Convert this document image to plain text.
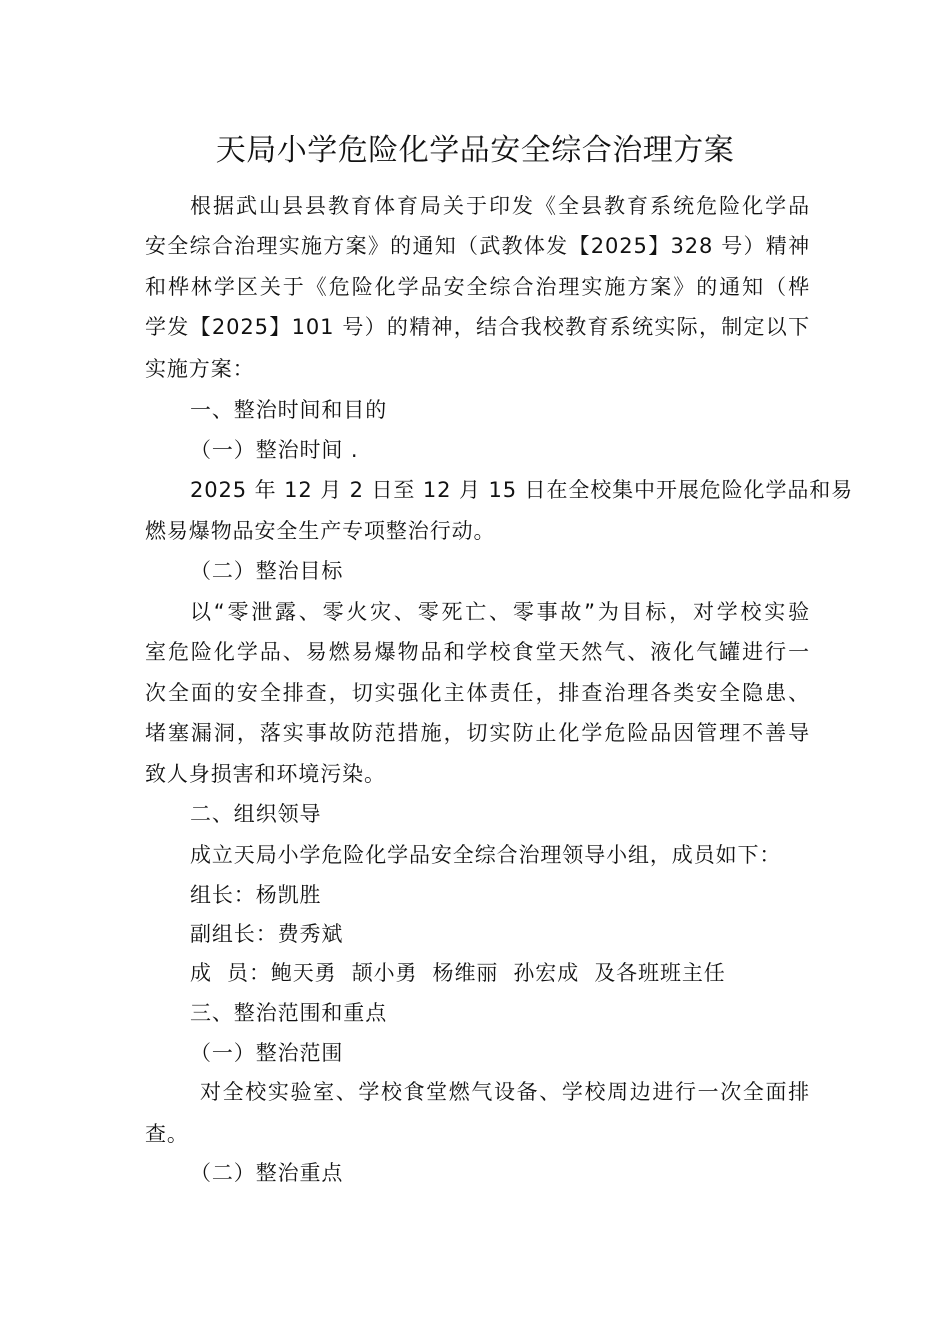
天局小学危险化学品安全综合治理方案
根据武山县县教育体育局关于印发《全县教育系统危险化学品
安全综合治理实施方案》的通知（武教体发【2025】328 号）精神
和桦林学区关于《危险化学品安全综合治理实施方案》的通知（桦
学发【2025】101 号）的精神，结合我校教育系统实际，制定以下
实施方案：
一、整治时间和目的
（一）整治时间 .
2025 年 12 月 2 日至 12 月 15 日在全校集中开展危险化学品和易
燃易爆物品安全生产专项整治行动。
（二）整治目标
以“零泄露、零火灾、零死亡、零事故”为目标，对学校实验
室危险化学品、易燃易爆物品和学校食堂天然气、液化气罐进行一
次全面的安全排查，切实强化主体责任，排查治理各类安全隐患、
堵塞漏洞，落实事故防范措施，切实防止化学危险品因管理不善导
致人身损害和环境污染。
二、组织领导
成立天局小学危险化学品安全综合治理领导小组，成员如下：
组长：杨凯胜
副组长：费秀斌
成  员：鲍天勇  颉小勇  杨维丽  孙宏成  及各班班主任
三、整治范围和重点
（一）整治范围
对全校实验室、学校食堂燃气设备、学校周边进行一次全面排
查。
（二）整治重点
